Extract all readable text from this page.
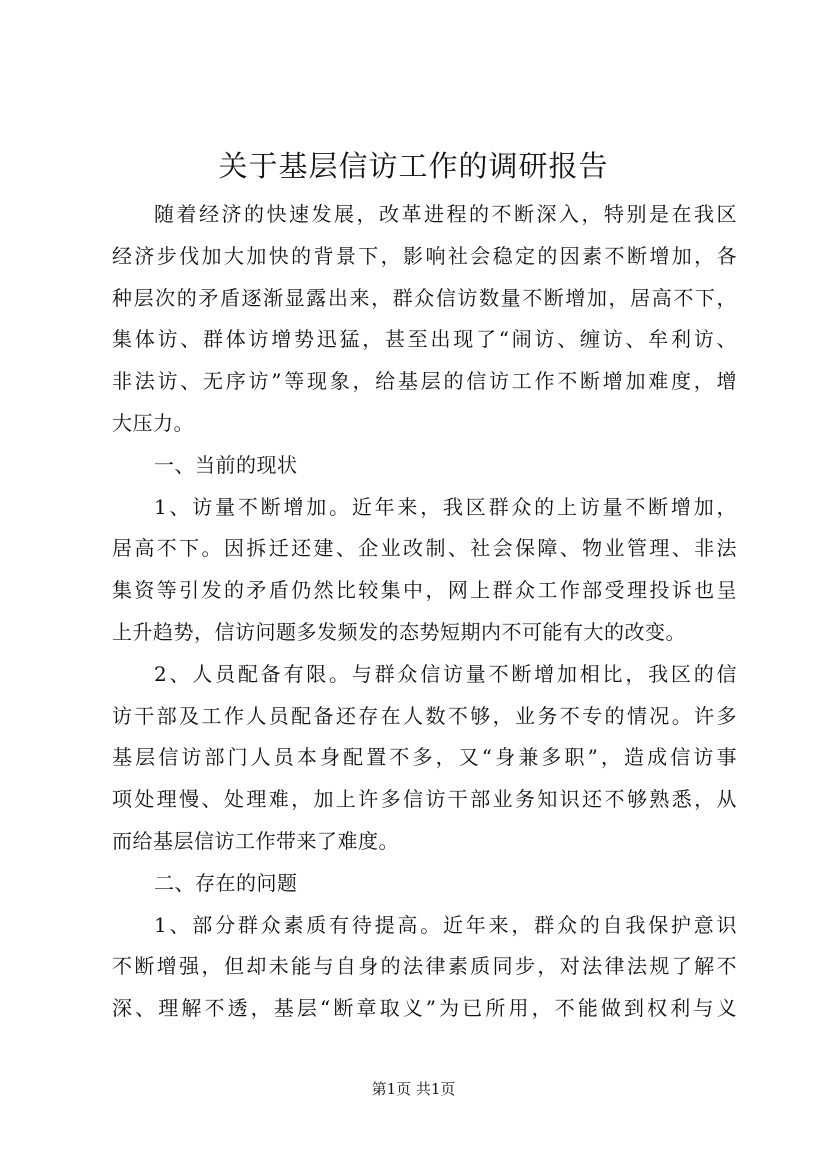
关于基层信访工作的调研报告
随着经济的快速发展，改革进程的不断深入，特别是在我区
经济步伐加大加快的背景下，影响社会稳定的因素不断增加，各
种层次的矛盾逐渐显露出来，群众信访数量不断增加，居高不下，
集体访、群体访增势迅猛，甚至出现了“闹访、缠访、牟利访、
非法访、无序访”等现象，给基层的信访工作不断增加难度，增
大压力。
一、当前的现状
1、访量不断增加。近年来，我区群众的上访量不断增加，
居高不下。因拆迁还建、企业改制、社会保障、物业管理、非法
集资等引发的矛盾仍然比较集中，网上群众工作部受理投诉也呈
上升趋势，信访问题多发频发的态势短期内不可能有大的改变。
2、人员配备有限。与群众信访量不断增加相比，我区的信
访干部及工作人员配备还存在人数不够，业务不专的情况。许多
基层信访部门人员本身配置不多，又“身兼多职”，造成信访事
项处理慢、处理难，加上许多信访干部业务知识还不够熟悉，从
而给基层信访工作带来了难度。
二、存在的问题
1、部分群众素质有待提高。近年来，群众的自我保护意识
不断增强，但却未能与自身的法律素质同步，对法律法规了解不
深、理解不透，基层“断章取义”为已所用，不能做到权利与义
第1页 共1页
